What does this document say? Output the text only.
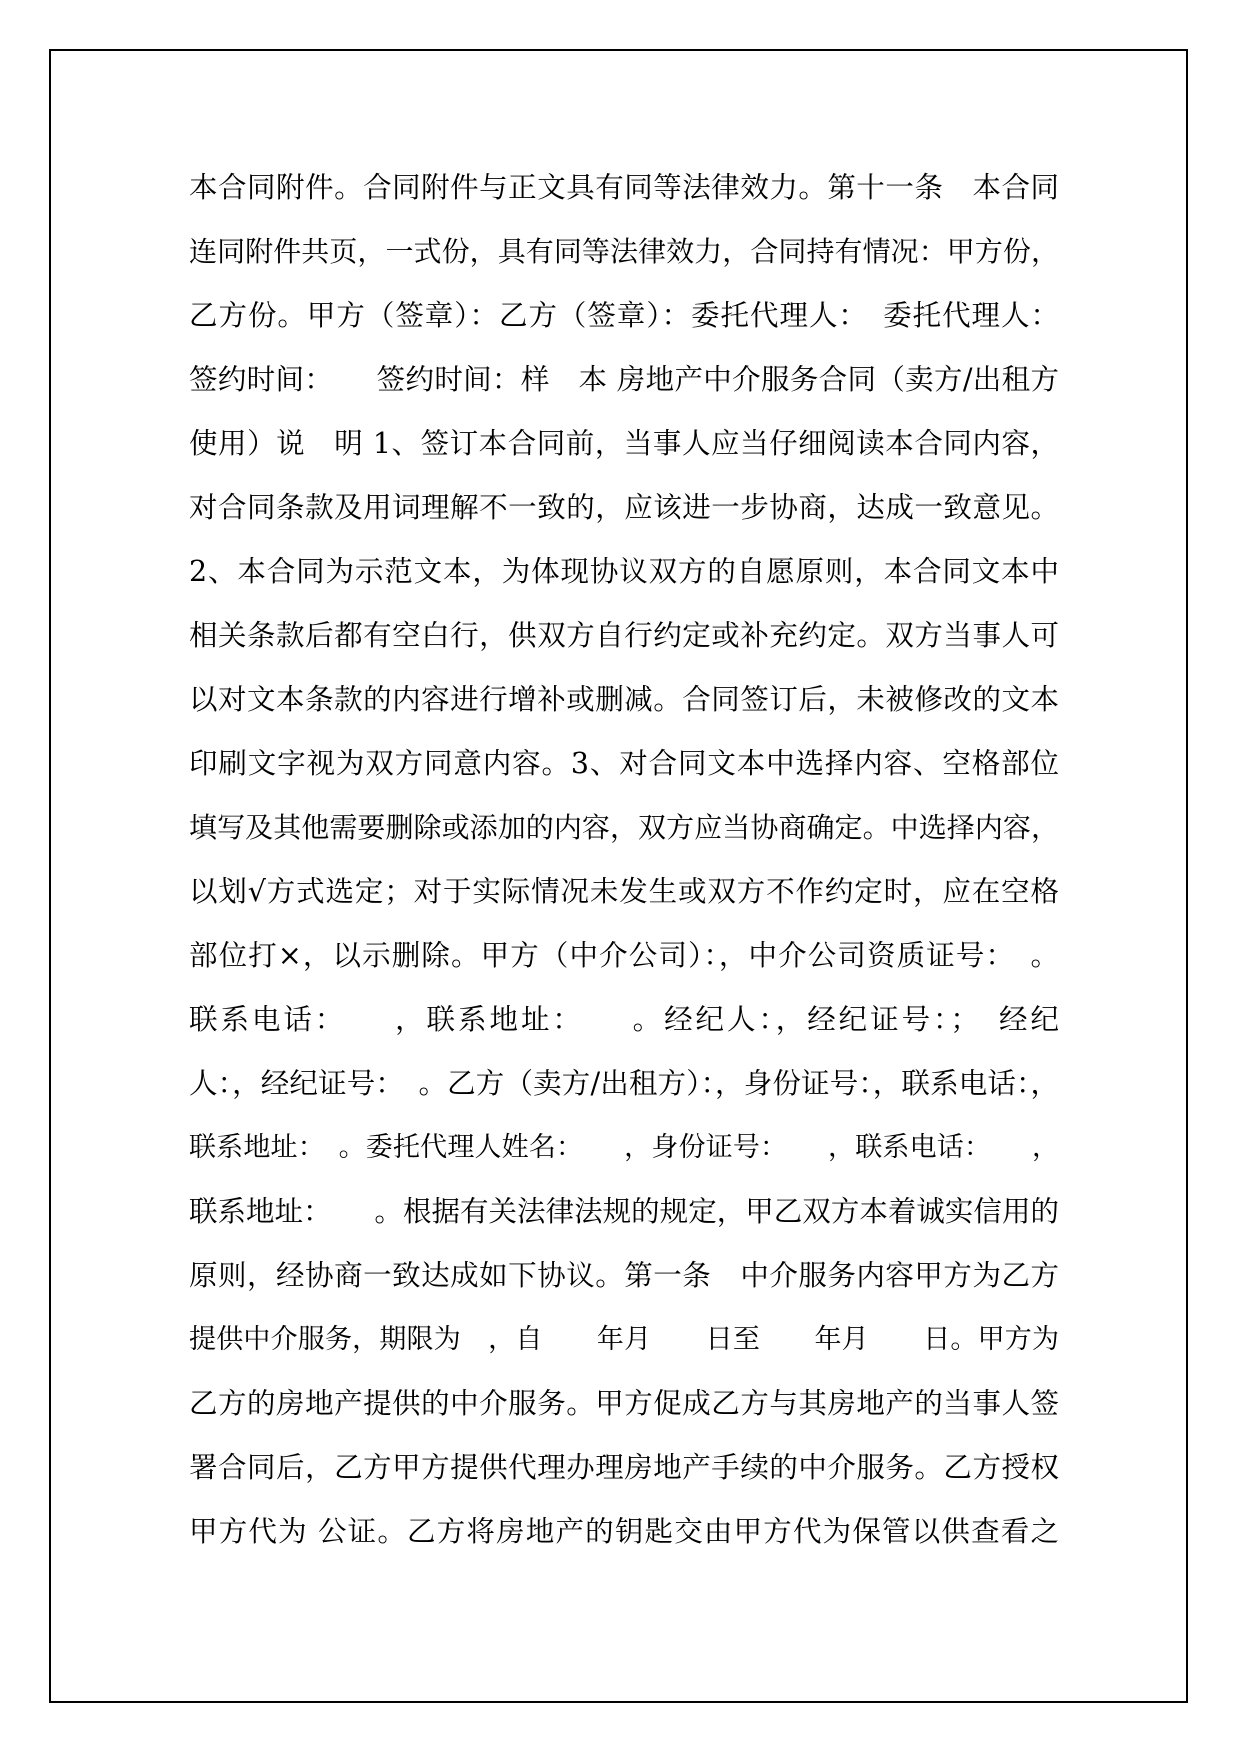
本合同附件。合同附件与正文具有同等法律效力。第十一条　本合同
连同附件共页，一式份，具有同等法律效力，合同持有情况：甲方份，
乙方份。甲方（签章）：乙方（签章）：委托代理人：　委托代理人：
签约时间：　　签约时间：样　本 房地产中介服务合同（卖方/出租方
使用）说　明 1、签订本合同前，当事人应当仔细阅读本合同内容，
对合同条款及用词理解不一致的，应该进一步协商，达成一致意见。
2、本合同为示范文本，为体现协议双方的自愿原则，本合同文本中
相关条款后都有空白行，供双方自行约定或补充约定。双方当事人可
以对文本条款的内容进行增补或删减。合同签订后，未被修改的文本
印刷文字视为双方同意内容。3、对合同文本中选择内容、空格部位
填写及其他需要删除或添加的内容，双方应当协商确定。中选择内容，
以划√方式选定；对于实际情况未发生或双方不作约定时，应在空格
部位打×，以示删除。甲方（中介公司）：，中介公司资质证号：　。
联系电话：　　，联系地址：　　。经纪人：，经纪证号：；　经纪
人：，经纪证号：　。乙方（卖方/出租方）：，身份证号：，联系电话：，
联系地址：　。委托代理人姓名：　　，身份证号：　　，联系电话：　　，
联系地址：　　。根据有关法律法规的规定，甲乙双方本着诚实信用的
原则，经协商一致达成如下协议。第一条　中介服务内容甲方为乙方
提供中介服务，期限为　，自　　年月　　日至　　年月　　日。甲方为
乙方的房地产提供的中介服务。甲方促成乙方与其房地产的当事人签
署合同后，乙方甲方提供代理办理房地产手续的中介服务。乙方授权
甲方代为 公证。乙方将房地产的钥匙交由甲方代为保管以供查看之
